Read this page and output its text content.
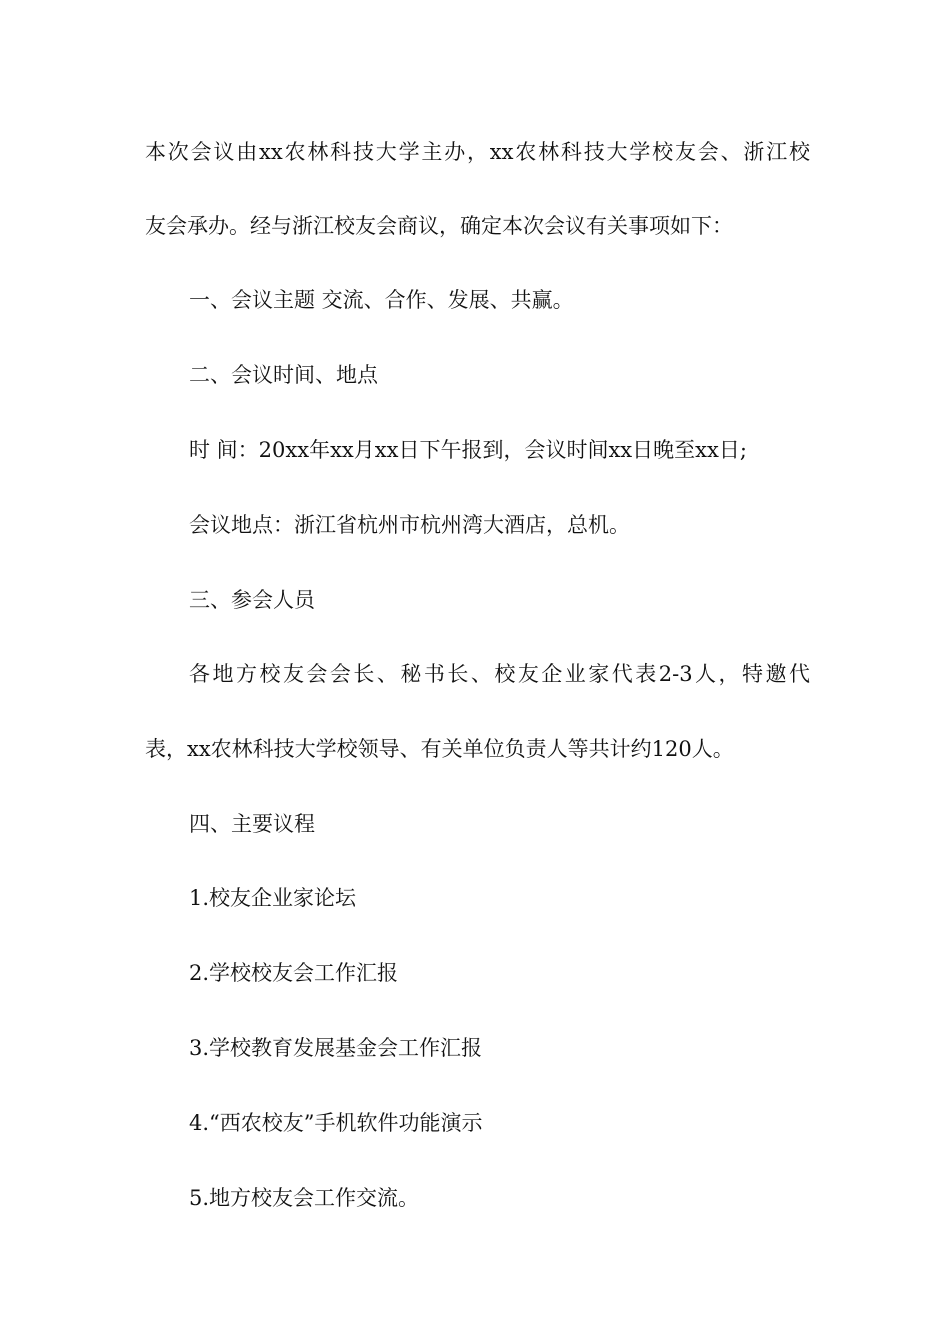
本次会议由xx农林科技大学主办，xx农林科技大学校友会、浙江校
友会承办。经与浙江校友会商议，确定本次会议有关事项如下：
一、会议主题 交流、合作、发展、共赢。
二、会议时间、地点
时 间：20xx年xx月xx日下午报到，会议时间xx日晚至xx日;
会议地点：浙江省杭州市杭州湾大酒店，总机。
三、参会人员
各地方校友会会长、秘书长、校友企业家代表2-3人，特邀代
表，xx农林科技大学校领导、有关单位负责人等共计约120人。
四、主要议程
1.校友企业家论坛
2.学校校友会工作汇报
3.学校教育发展基金会工作汇报
4.“西农校友”手机软件功能演示
5.地方校友会工作交流。
